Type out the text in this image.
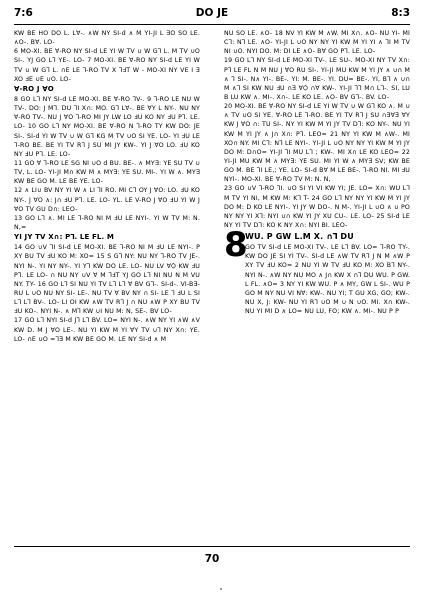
7:6	DO JE	8:3

KW BE HO DO L. L∀-. ∧W NY SI-d ∧ M YI-JI L ƎO SO LE. ∧O-. B∀. LO-

6 MO-XI. BE ∀-RO NY SI-d LE YI W TV ∪ W G⅂ L. M TV ∪O SI-. YJ GO L⅂ YE-. LO- 7 MO-XI. BE ∀-RO NY SI-d LE YI W TV ∪ W G⅂ L. ∩E LE ⅂-RO TV X ⅂ℲT W - MO-XI NY VE I Ǝ XO ℲE ∪E ∪O. LO-

∀-RO J ∀O

8 GO L⅂ NY SI-d LE MO-XI. BE ∀-RO ⅂V-. 9 ⅂-RO LE NU W TV-. DO: J M⅂. DU ⅂I X∩: MO. G⅂ L∀-. BE ∀Y L NY-. NU NY ∀-RO TV-. NU J ∀O ⅂-RO MI JY LW LO ℲU KO NY ℲU P⅂. LE. LO- 10 GO L⅂ NY MO-XI. BE ∀-RO N ⅂-RO TY KW DO: JE SI-. SI-d YI W TV ∪ W G⅂ KG M TV ∪O SI YE. LO- YI ℲU LE ⅂-RO BE. BE YI TV R⅂ J SU MI JY KW-. YI J ∀O LO. ℲU KO NY ℲU P⅂. LE. LO-

11 GO ∀ ⅂-RO LE SG NI ∪O d BU. BE-. ∧ MY∃: YE SU TV ∪ TV, L. LO- YI-JI M∩ KW M ∧ MY∃: YE SU. MI-. YI W ∧. MY∃ KW BE GO M. LE BE YE. LO-

12 ∧ LI∪ BV NY YI W ∧ LI ⅂I RO. MI C⅂ OY J ∀O: LO. ℲU KO NY-. J ∀O ∧: J∩ ℲU P⅂. LE. LO- YL. LE V-RO J ∀O ℲU YI W J ∀O TV GU D∩: LEO-

13 GO L⅂ ∧. MI LE ⅂-RO NI M ℲU LE NYI-. YI W TV M: N. N,=

YI JY TV X∩: P⅂. LE FL. M

14 GO ∪V ⅂I SI-d LE MO-XI. BE ⅂-RO NI M ℲU LE NYI-. P XY BU TV ℲU KO M: XO= 15 S G⅂ NY: NU NY ⅂-RO TV JE-. NYI N-. YI NY NY-. YI Y⅂ KW DO LE. LO- NU LV ∀Ꟁ KW ℲU P⅂. LE LO- ∩ NU NY ∪V ∀ M ⅂ℲT YJ GO L⅂ NI NU N M VU NY. TY- 16 GO L⅂ SI NU YI TV L⅂ L⅂ ∀ BV G⅂-. SI-d-. VI-B∃-RU L ∪O NU NY SI- LE-. NU TV ∀ BV NY ∩ SI- LE ⅂ ℲU L SI L⅂ L⅂ BV-. LO- LI OI KW ∧W TV R⅂ J ∩ NU ∧W P XY BU TV ℲU KO-. NYI N-. ∧ M⅂ KW ∪I NU M: N, SE-. BV LO-

17 GO L⅂ NYI SI-d J⅂ L⅂ BV. LO= NYI N-. ∧W NY YI ∧W ∧V KW D. M J ∀O LE-. NU YI KW M YI ∀Y TV ∪⅂ NY X∩: YE. LO- ∩E ∪O =⅂Ǝ M KW BE GO M. LE NY SI-d ∧ M

NU SO LE. ∧O- 18 NV YI KW M ∧W. MI X∩. ∧O- NU YI- MI C⅂: N⅂ LE. ∧O- YI-JI L ∪O NY NY YI KW M YI YI ∧ ⅂I M TV NI ∪O. NYI DO. M: DI LE ∧O- B∀ GO P⅂. LE. LO-

19 GO L⅂ NY SI-d LE MO-XI TV-. LE SU-. MO-XI NY TV X∩: P⅂ LE FL N M NU J ∀O RU SI-. YI-JI MU KW M YI JY ∧ ∪∩ M ∧ ⅂ SI-. N∧ YI-. BE-. YI: M. BE-. YI. DU= BE-. YI, B⅂ ∧ ∪∩ M ∧⅂ SI KW NU ℲU ∩Ǝ ∀Ꟁ ∩∀ KW-. YI-JI ⅂⅂ M∩ L⅂-. SI, LU B LU KW ∧. MI-. X∩-. LE KO LE. ∧O- BV G⅂-. BV. LO-

20 MO-XI. BE ∀-RO NY SI-d LE YI W TV ∪ W G⅂ KO ∧. M ∪ ∧ TV ∪O SI YE. ∀-RO LE ⅂-RO. BE YI TV R⅂ J SU ∩Ǝ∀Ǝ ∀Y KW J ∀O ∩: TU SI-. NY YI KW M YI JY TV D⅂: KO NY-. NU YI KW M YI JY ∧ J∩ X∩: P⅂. LEO= 21 NY YI KW M ∧W-. MI XO∩ NY. MI C⅂: N⅂ LE NYI-. YI-JI L ∪O NY NY YI KW M YI JY DO M: D∩O= YI-JI ⅂I MU L⅂ ; KW-. MI X∩ LE KO LEO= 22 YI-JI MU KW M ∧ MY∃: YE SU. MI YI W ∧ MY∃ SV; KW BE GO M. BE ⅂I LE,; YE. LO- SI-d B∀ M LE BE-. ⅂-RO NI. MI ℲU NYI-. MO-XI. BE ∀-RO TV M: N. N,

23 GO ∪V ⅂-RO ⅂I. ∪O SI YI VI KW YI; JE. LO= X∩: WU L⅂ M TV YI NI, M KW M: K⅂ T- 24 GO L⅂ NY NY YI KW M YI JY DO M: D KO LE NYI-. YI JY W DO-. N M-. YI-JI L ∪O ∧ ∪ PO NY NY YI X⅂: NYI ∪∩ KW YI JY XU CU-. LE. LO- 25 SI-d LE NY YI TV D⅂: KO K NY X∩: NYI BI. LEO-

8
WU. P GW L.M X. ∩⅂ DU

GO TV SI-d LE MO-XI TV-. LE L⅂ BV. LO= ⅂-RO TY-. KW DO JE SI YI TV-. SI-d LE ∧W TV R⅂ J N M ∧W P XY TV ℲU KO= 2 NU YI W TV ℲU KO M: XO B⅂ NY-. NYI N-. ∧W NY NU MO ∧ J∩ KW X ∩⅂ DU WU. P GW. L FL. ∧O= 3 NY YI KW WU. P ∧ MY, GW L SI-. WU P GO M NY NU VI N∀: KW-. NU YI; T GU XG, GO; KW-. NU X, J: KW- NU YI R⅂ ∪O M ∪ N ∪O. MI. X∩ KW-. NU YI MI D ∧ LO= NU LU, FO; KW ∧. MI-. NU P P

70
